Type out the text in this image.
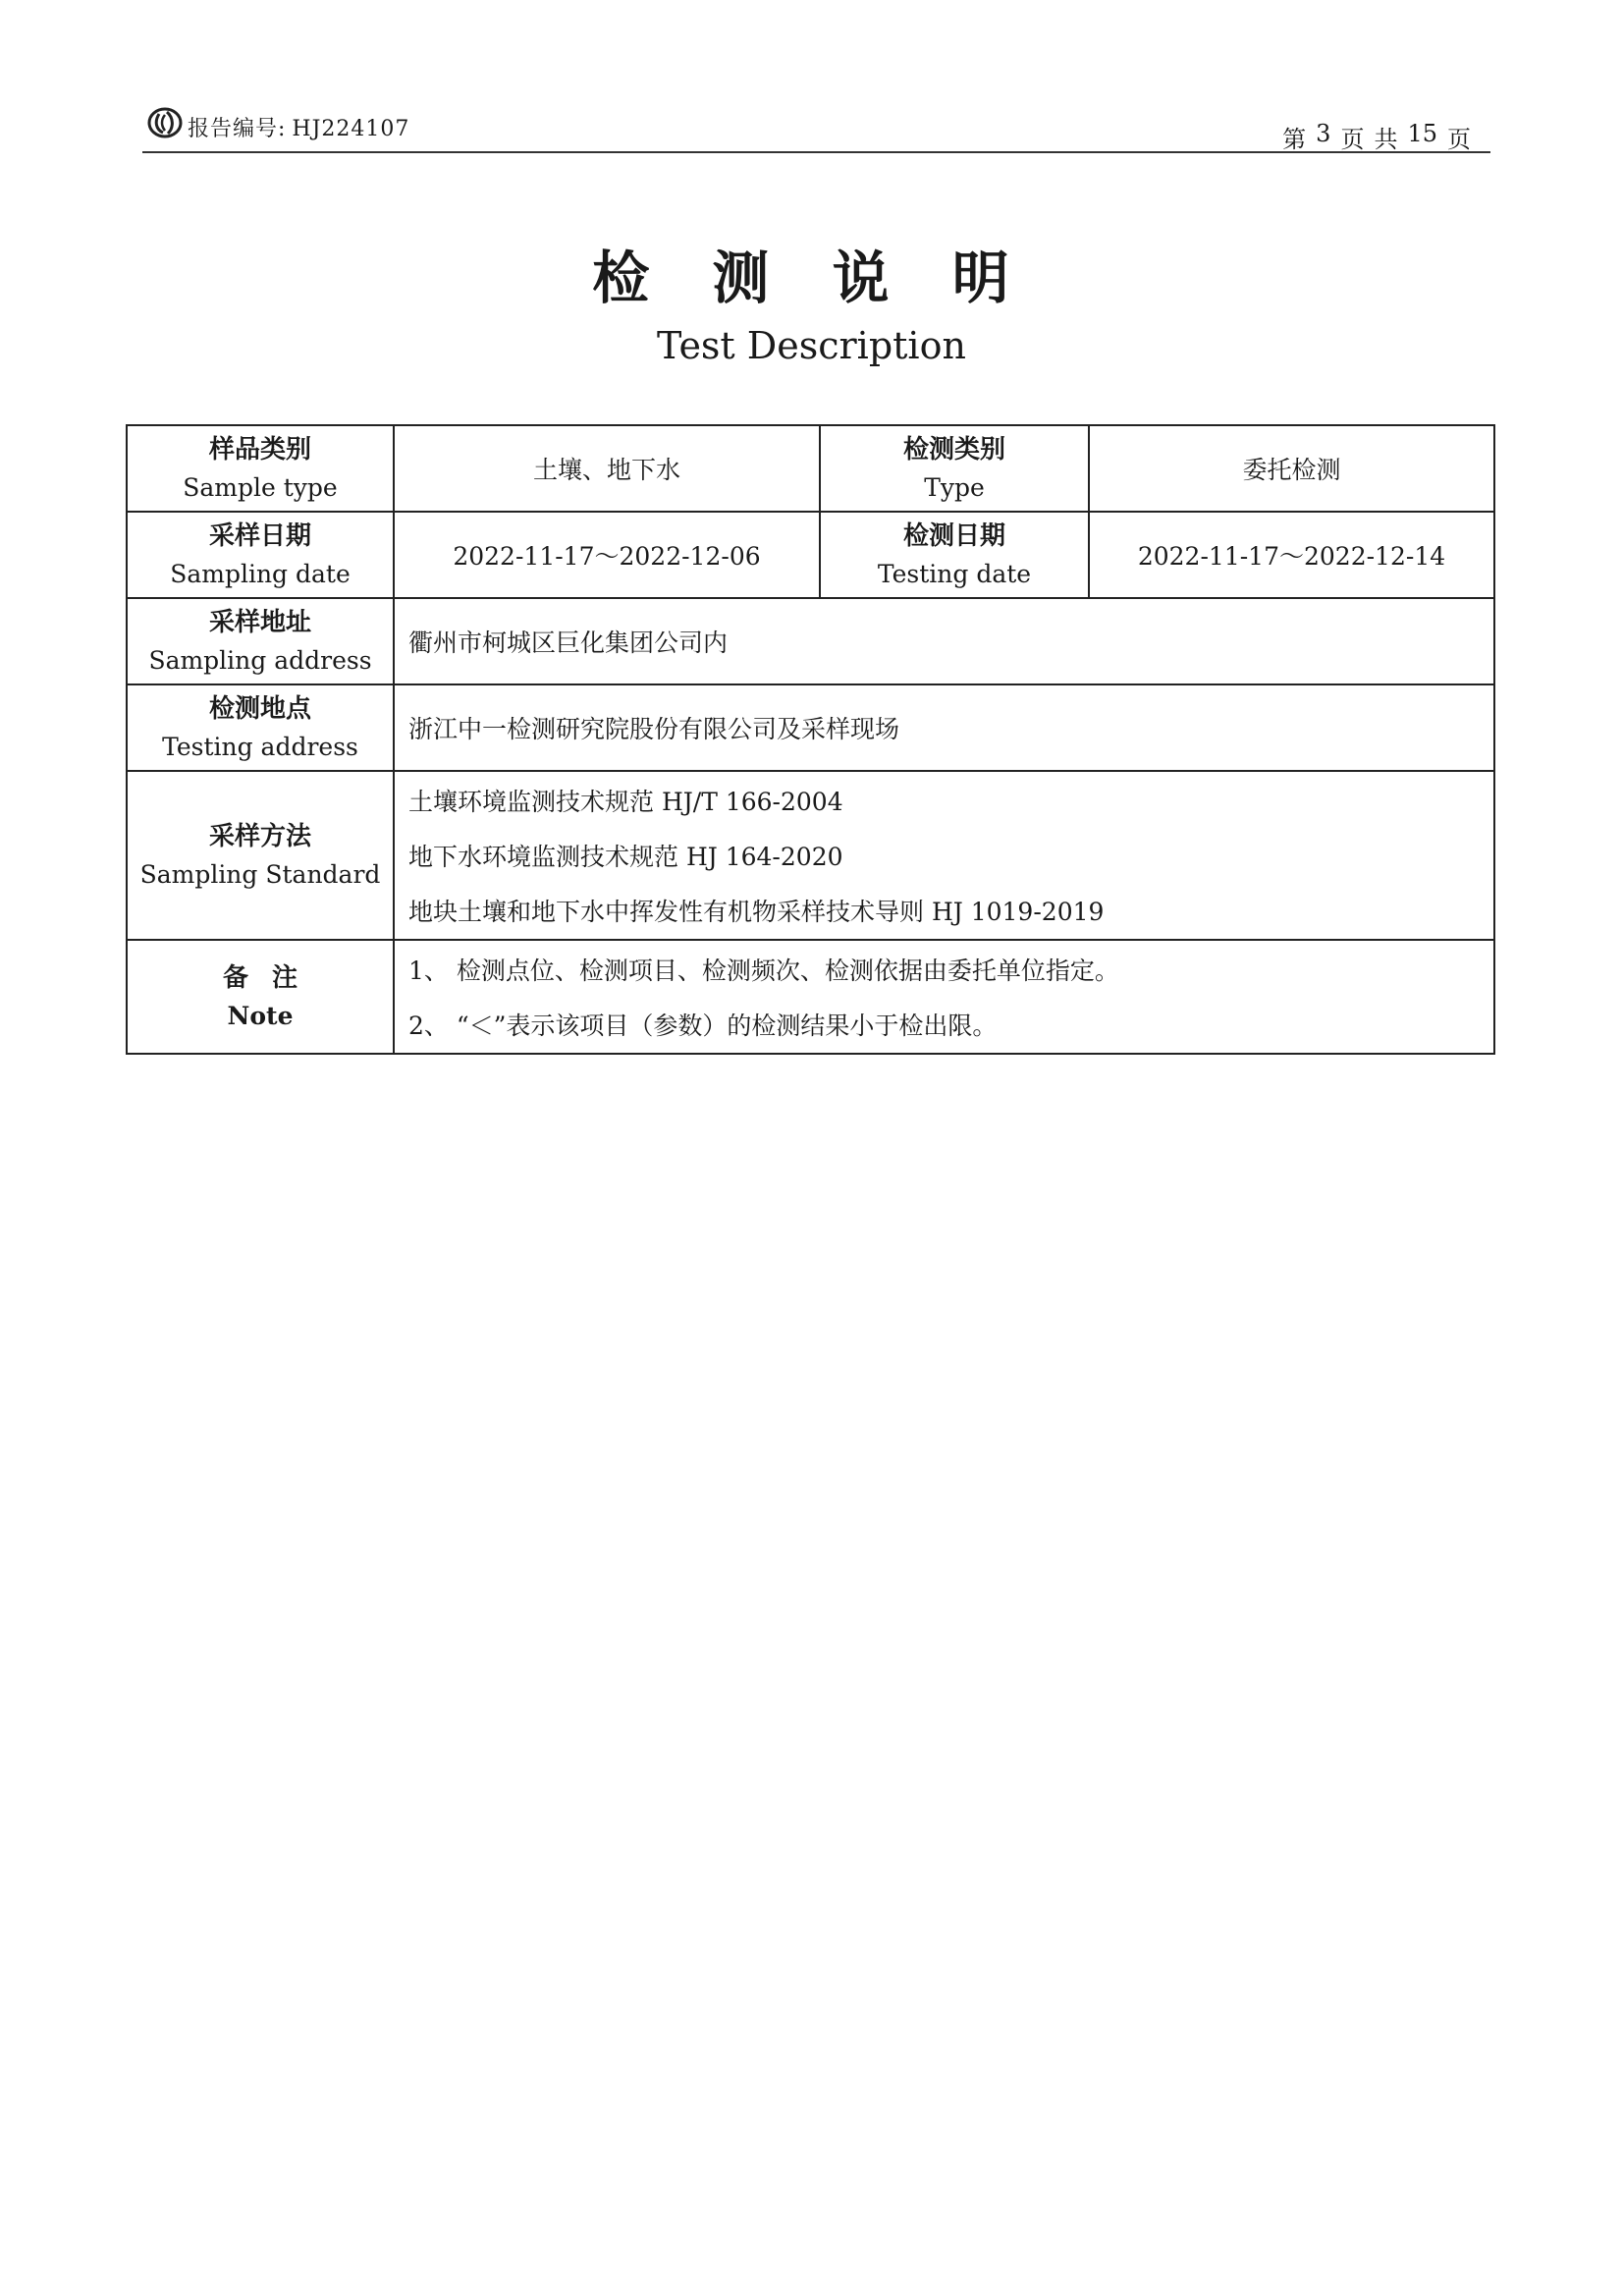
报告编号: HJ224107	第 3 页 共 15 页
检 测 说 明
Test Description
样品类别
Sample type	土壤、地下水	检测类别
Type	委托检测

采样日期
Sampling date	2022-11-17～2022-12-06	检测日期
Testing date	2022-11-17～2022-12-14

采样地址
Sampling address	衢州市柯城区巨化集团公司内		

检测地点
Testing address	浙江中一检测研究院股份有限公司及采样现场		

采样方法
Sampling Standard	土壤环境监测技术规范 HJ/T 166-2004
地下水环境监测技术规范 HJ 164-2020
地块土壤和地下水中挥发性有机物采样技术导则 HJ 1019-2019		

备注
Note	1、 检测点位、检测项目、检测频次、检测依据由委托单位指定。
2、 “＜”表示该项目（参数）的检测结果小于检出限。		
